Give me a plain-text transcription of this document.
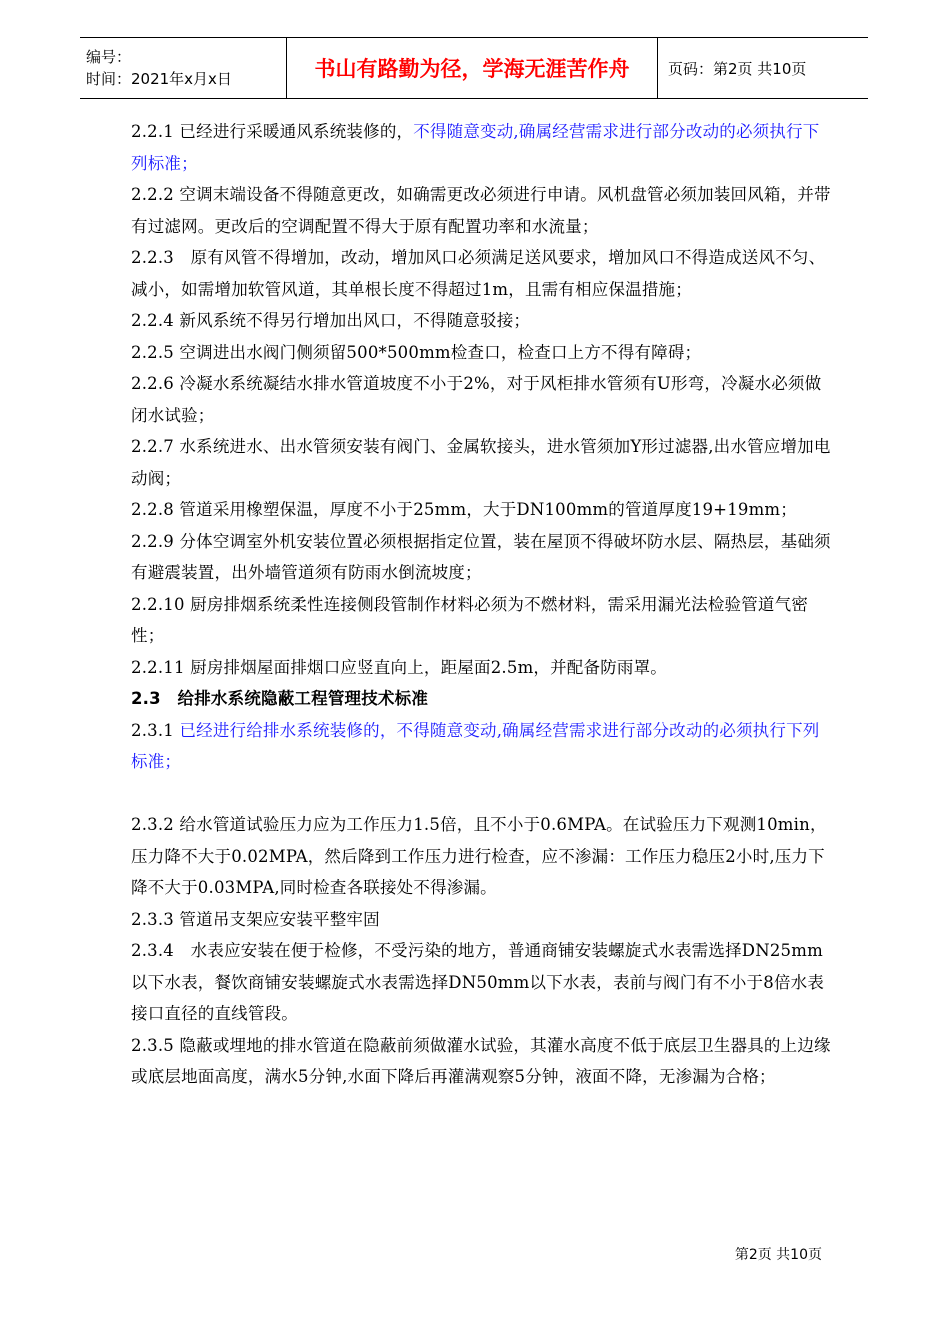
编号：
时间：2021年x月x日	书山有路勤为径，学海无涯苦作舟	页码：第2页 共10页

2.2.1 已经进行采暖通风系统装修的，不得随意变动,确属经营需求进行部分改动的必须执行下列标准；

2.2.2 空调末端设备不得随意更改，如确需更改必须进行申请。风机盘管必须加装回风箱，并带有过滤网。更改后的空调配置不得大于原有配置功率和水流量；

2.2.3　原有风管不得增加，改动，增加风口必须满足送风要求，增加风口不得造成送风不匀、减小，如需增加软管风道，其单根长度不得超过1m，且需有相应保温措施；

2.2.4 新风系统不得另行增加出风口，不得随意驳接；

2.2.5 空调进出水阀门侧须留500*500mm检查口，检查口上方不得有障碍；

2.2.6 冷凝水系统凝结水排水管道坡度不小于2%，对于风柜排水管须有U形弯，冷凝水必须做闭水试验；

2.2.7 水系统进水、出水管须安装有阀门、金属软接头，进水管须加Y形过滤器,出水管应增加电动阀；

2.2.8 管道采用橡塑保温，厚度不小于25mm，大于DN100mm的管道厚度19+19mm；

2.2.9 分体空调室外机安装位置必须根据指定位置，装在屋顶不得破坏防水层、隔热层，基础须有避震装置，出外墙管道须有防雨水倒流坡度；

2.2.10 厨房排烟系统柔性连接侧段管制作材料必须为不燃材料，需采用漏光法检验管道气密性；

2.2.11 厨房排烟屋面排烟口应竖直向上，距屋面2.5m，并配备防雨罩。

2.3　给排水系统隐蔽工程管理技术标准

2.3.1 已经进行给排水系统装修的，不得随意变动,确属经营需求进行部分改动的必须执行下列标准；

2.3.2 给水管道试验压力应为工作压力1.5倍，且不小于0.6MPA。在试验压力下观测10min，压力降不大于0.02MPA，然后降到工作压力进行检查，应不渗漏：工作压力稳压2小时,压力下降不大于0.03MPA,同时检查各联接处不得渗漏。

2.3.3 管道吊支架应安装平整牢固

2.3.4　水表应安装在便于检修，不受污染的地方，普通商铺安装螺旋式水表需选择DN25mm以下水表，餐饮商铺安装螺旋式水表需选择DN50mm以下水表，表前与阀门有不小于8倍水表接口直径的直线管段。

2.3.5 隐蔽或埋地的排水管道在隐蔽前须做灌水试验，其灌水高度不低于底层卫生器具的上边缘或底层地面高度，满水5分钟,水面下降后再灌满观察5分钟，液面不降，无渗漏为合格；

第2页 共10页
